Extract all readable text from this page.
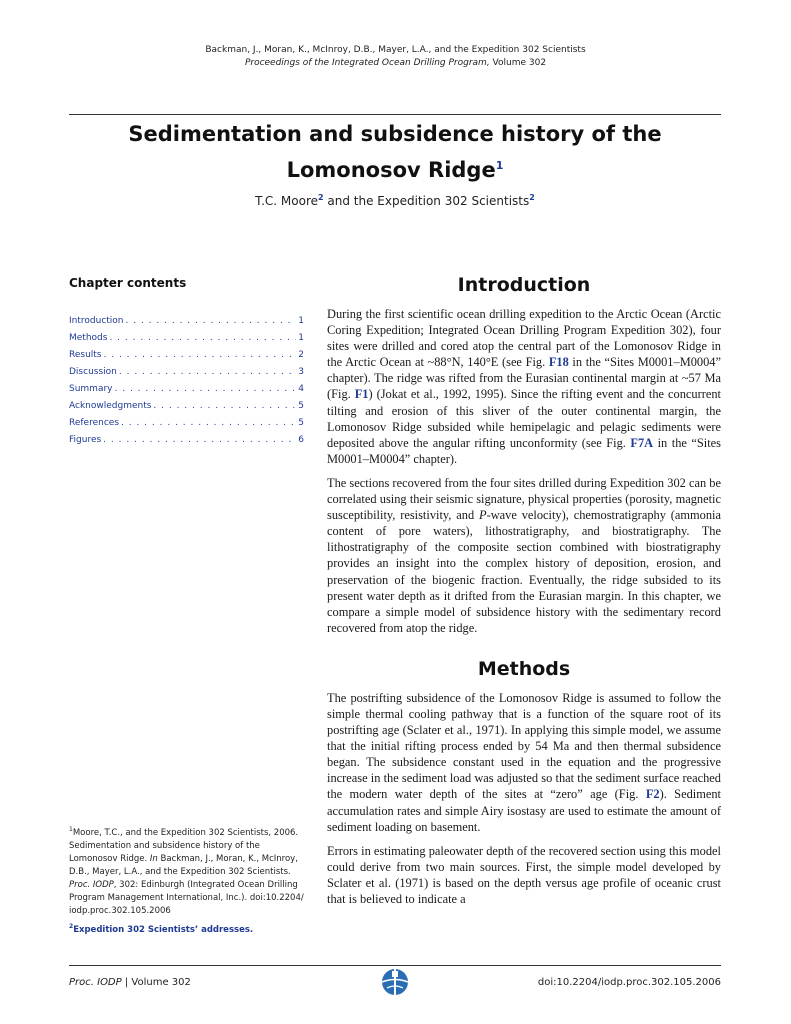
Backman, J., Moran, K., McInroy, D.B., Mayer, L.A., and the Expedition 302 Scientists
Proceedings of the Integrated Ocean Drilling Program, Volume 302
Sedimentation and subsidence history of the
Lomonosov Ridge$^1$
T.C. Moore$^2$ and the Expedition 302 Scientists$^2$
Chapter contents
Introduction . . .	1
Methods . . .	1
Results . . .	2
Discussion . . .	3
Summary . . .	4
Acknowledgments . . .	5
References . . .	5
Figures . . .	6
$^1$Moore, T.C., and the Expedition 302 Scientists, 2006. Sedimentation and subsidence history of the Lomonosov Ridge. In Backman, J., Moran, K., McInroy, D.B., Mayer, L.A., and the Expedition 302 Scientists. Proc. IODP, 302: Edinburgh (Integrated Ocean Drilling Program Management International, Inc.). doi:10.2204/ iodp.proc.302.105.2006
$^2$Expedition 302 Scientists’ addresses.
Introduction

During the first scientific ocean drilling expedition to the Arctic Ocean (Arctic Coring Expedition; Integrated Ocean Drilling Program Expedition 302), four sites were drilled and cored atop the central part of the Lomonosov Ridge in the Arctic Ocean at ~88°N, 140°E (see Fig. F18 in the “Sites M0001–M0004” chapter). The ridge was rifted from the Eurasian continental margin at ~57 Ma (Fig. F1) (Jokat et al., 1992, 1995). Since the rifting event and the concurrent tilting and erosion of this sliver of the outer continental margin, the Lomonosov Ridge subsided while hemipelagic and pelagic sediments were deposited above the angular rifting unconformity (see Fig. F7A in the “Sites M0001–M0004” chapter).

The sections recovered from the four sites drilled during Expedition 302 can be correlated using their seismic signature, physical properties (porosity, magnetic susceptibility, resistivity, and P-wave velocity), chemostratigraphy (ammonia content of pore waters), lithostratigraphy, and biostratigraphy. The lithostratigraphy of the composite section combined with biostratigraphy provides an insight into the complex history of deposition, erosion, and preservation of the biogenic fraction. Eventually, the ridge subsided to its present water depth as it drifted from the Eurasian margin. In this chapter, we compare a simple model of subsidence history with the sedimentary record recovered from atop the ridge.

Methods

The postrifting subsidence of the Lomonosov Ridge is assumed to follow the simple thermal cooling pathway that is a function of the square root of its postrifting age (Sclater et al., 1971). In applying this simple model, we assume that the initial rifting process ended by 54 Ma and then thermal subsidence began. The subsidence constant used in the equation and the progressive increase in the sediment load was adjusted so that the sediment surface reached the modern water depth of the sites at “zero” age (Fig. F2). Sediment accumulation rates and simple Airy isostasy are used to estimate the amount of sediment loading on basement.

Errors in estimating paleowater depth of the recovered section using this model could derive from two main sources. First, the simple model developed by Sclater et al. (1971) is based on the depth versus age profile of oceanic crust that is believed to indicate a

Proc. IODP | Volume 302	doi:10.2204/iodp.proc.302.105.2006
